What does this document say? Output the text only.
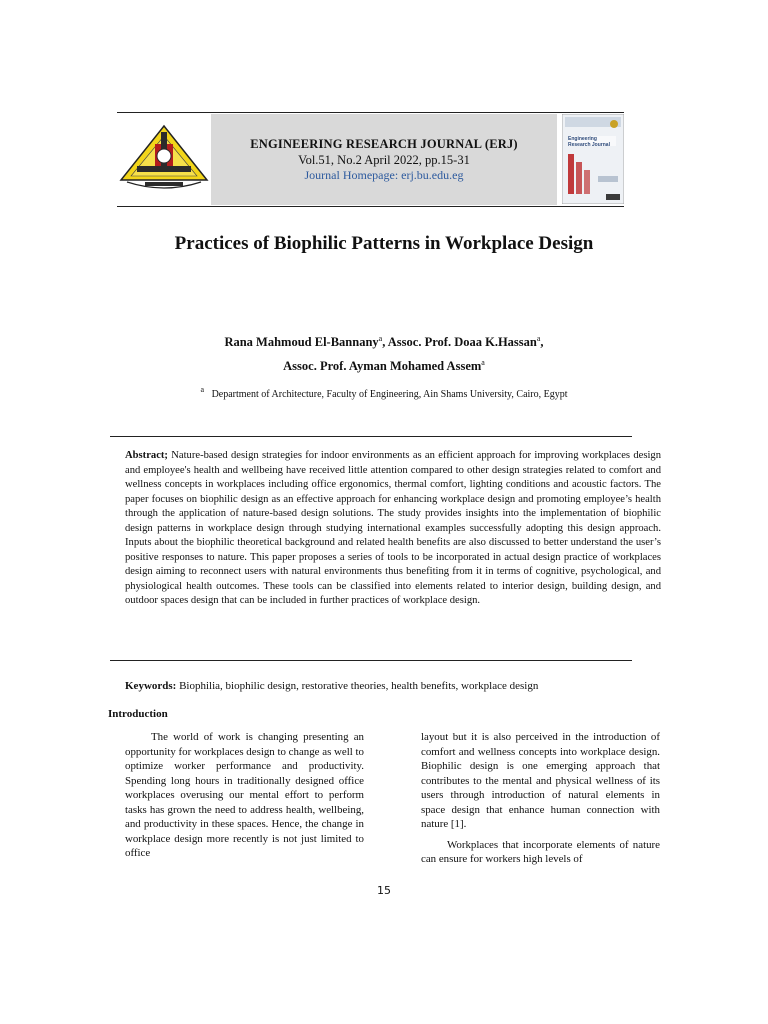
ENGINEERING RESEARCH JOURNAL (ERJ)
Vol.51, No.2 April 2022, pp.15-31
Journal Homepage: erj.bu.edu.eg
Engineering Research Journal
Practices of Biophilic Patterns in Workplace Design
Rana Mahmoud El-Bannany$^a$, Assoc. Prof. Doaa K.Hassan$^a$,
Assoc. Prof. Ayman Mohamed Assem$^a$
$^a$ Department of Architecture, Faculty of Engineering, Ain Shams University, Cairo, Egypt
Abstract; Nature-based design strategies for indoor environments as an efficient approach for improving workplaces design and employee's health and wellbeing have received little attention compared to other design strategies related to comfort and wellness concepts in workplaces including office ergonomics, thermal comfort, lighting conditions and acoustic factors. The paper focuses on biophilic design as an effective approach for enhancing workplace design and promoting employee’s health through the application of nature-based design solutions. The study provides insights into the implementation of biophilic design patterns in workplace design through studying international examples successfully adopting this design approach. Inputs about the biophilic theoretical background and related health benefits are also discussed to better understand the user’s positive responses to nature. This paper proposes a series of tools to be incorporated in actual design practice of workplaces design aiming to reconnect users with natural environments thus benefiting from it in terms of cognitive, psychological, and physiological health outcomes. These tools can be classified into elements related to interior design, building design, and outdoor spaces design that can be included in further practices of workplace design.
Keywords: Biophilia, biophilic design, restorative theories, health benefits, workplace design
Introduction

The world of work is changing presenting an opportunity for workplaces design to change as well to optimize worker performance and productivity. Spending long hours in traditionally designed office workplaces overusing our mental effort to perform tasks has grown the need to address health, wellbeing, and productivity in these spaces. Hence, the change in workplace design more recently is not just limited to office

layout but it is also perceived in the introduction of comfort and wellness concepts into workplace design. Biophilic design is one emerging approach that contributes to the mental and physical wellness of its users through introduction of natural elements in space design that enhance human connection with nature [1].

Workplaces that incorporate elements of nature can ensure for workers high levels of

15
